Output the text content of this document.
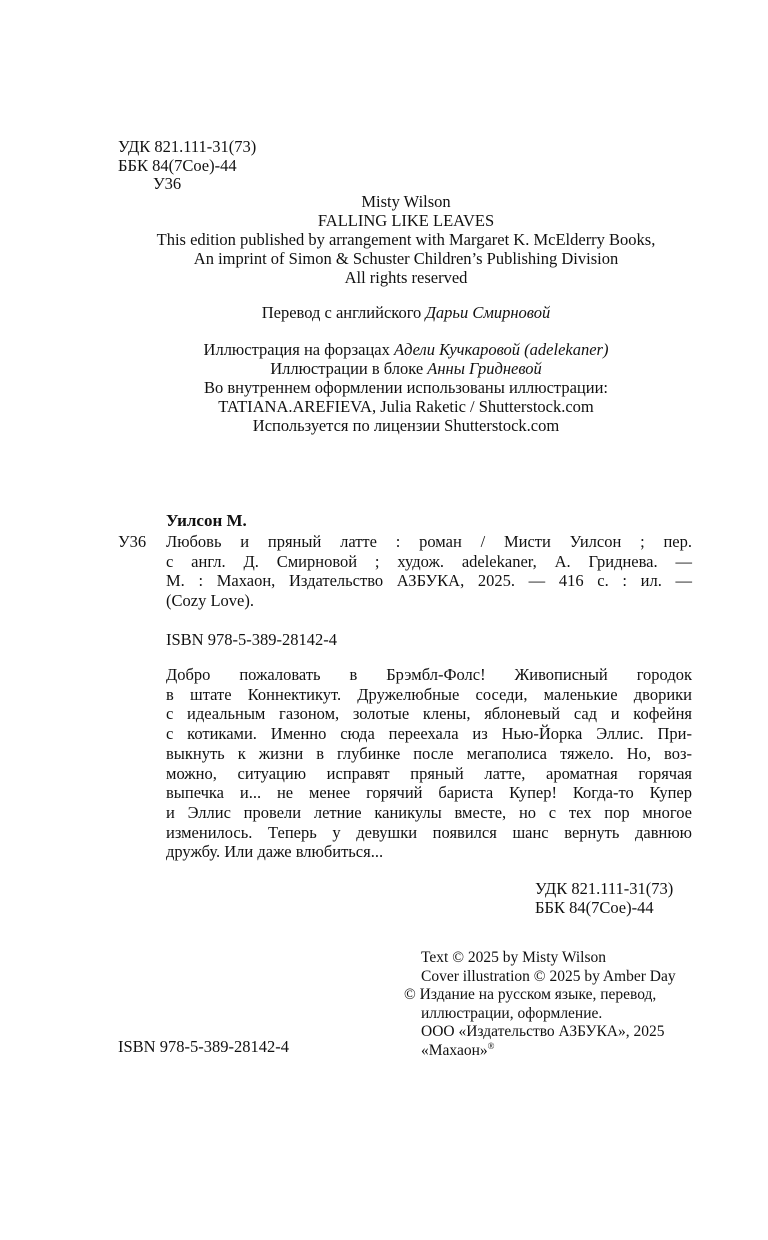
УДК 821.111-31(73)
ББК 84(7Сое)-44
У36
Misty Wilson
FALLING LIKE LEAVES
This edition published by arrangement with Margaret K. McElderry Books,
An imprint of Simon & Schuster Children’s Publishing Division
All rights reserved
Перевод с английского Дарьи Смирновой
Иллюстрация на форзацах Адели Кучкаровой (adelekaner)
Иллюстрации в блоке Анны Гридневой
Во внутреннем оформлении использованы иллюстрации:
TATIANA.AREFIEVA, Julia Raketic / Shutterstock.com
Используется по лицензии Shutterstock.com
Уилсон М.
У36 Любовь и пряный латте : роман / Мисти Уилсон ; пер.
с англ. Д. Смирновой ; худож. adelekaner, А. Гриднева. —
М. : Махаон, Издательство АЗБУКА, 2025. — 416 с. : ил. —
(Cozy Love).
ISBN 978-5-389-28142-4
Добро пожаловать в Брэмбл-Фолс! Живописный городок
в штате Коннектикут. Дружелюбные соседи, маленькие дворики
с идеальным газоном, золотые клены, яблоневый сад и кофейня
с котиками. Именно сюда переехала из Нью-Йорка Эллис. При-
выкнуть к жизни в глубинке после мегаполиса тяжело. Но, воз-
можно, ситуацию исправят пряный латте, ароматная горячая
выпечка и... не менее горячий бариста Купер! Когда-то Купер
и Эллис провели летние каникулы вместе, но с тех пор многое
изменилось. Теперь у девушки появился шанс вернуть давнюю
дружбу. Или даже влюбиться...
УДК 821.111-31(73)
ББК 84(7Сое)-44
Text © 2025 by Misty Wilson
Cover illustration © 2025 by Amber Day
© Издание на русском языке, перевод,
иллюстрации, оформление.
ООО «Издательство АЗБУКА», 2025
«Махаон»®
ISBN 978-5-389-28142-4
